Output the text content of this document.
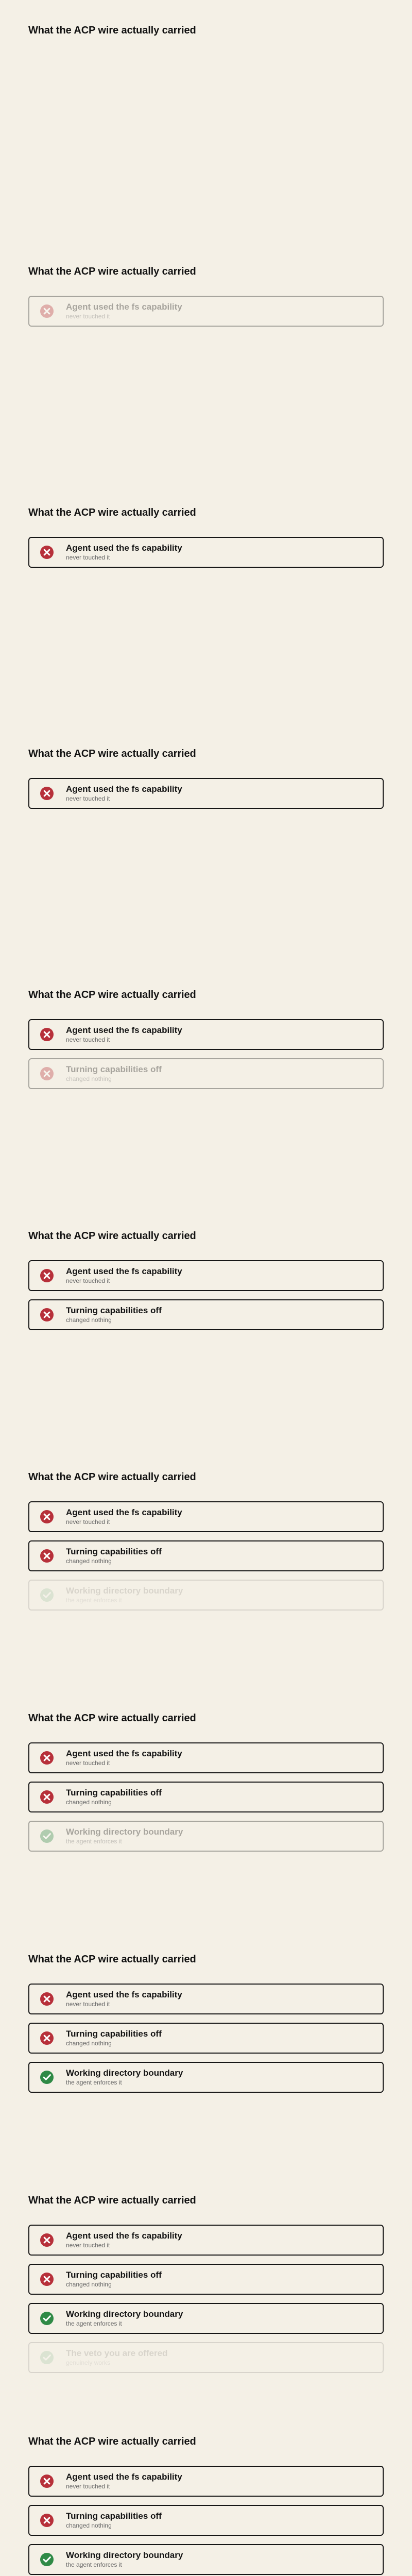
What the ACP wire actually carried
What the ACP wire actually carried
Agent used the fs capability
never touched it
What the ACP wire actually carried
Agent used the fs capability
never touched it
What the ACP wire actually carried
Agent used the fs capability
never touched it
What the ACP wire actually carried
Agent used the fs capability
never touched it
Turning capabilities off
changed nothing
What the ACP wire actually carried
Agent used the fs capability
never touched it
Turning capabilities off
changed nothing
What the ACP wire actually carried
Agent used the fs capability
never touched it
Turning capabilities off
changed nothing
Working directory boundary
the agent enforces it
What the ACP wire actually carried
Agent used the fs capability
never touched it
Turning capabilities off
changed nothing
Working directory boundary
the agent enforces it
What the ACP wire actually carried
Agent used the fs capability
never touched it
Turning capabilities off
changed nothing
Working directory boundary
the agent enforces it
What the ACP wire actually carried
Agent used the fs capability
never touched it
Turning capabilities off
changed nothing
Working directory boundary
the agent enforces it
The veto you are offered
genuinely works
What the ACP wire actually carried
Agent used the fs capability
never touched it
Turning capabilities off
changed nothing
Working directory boundary
the agent enforces it
